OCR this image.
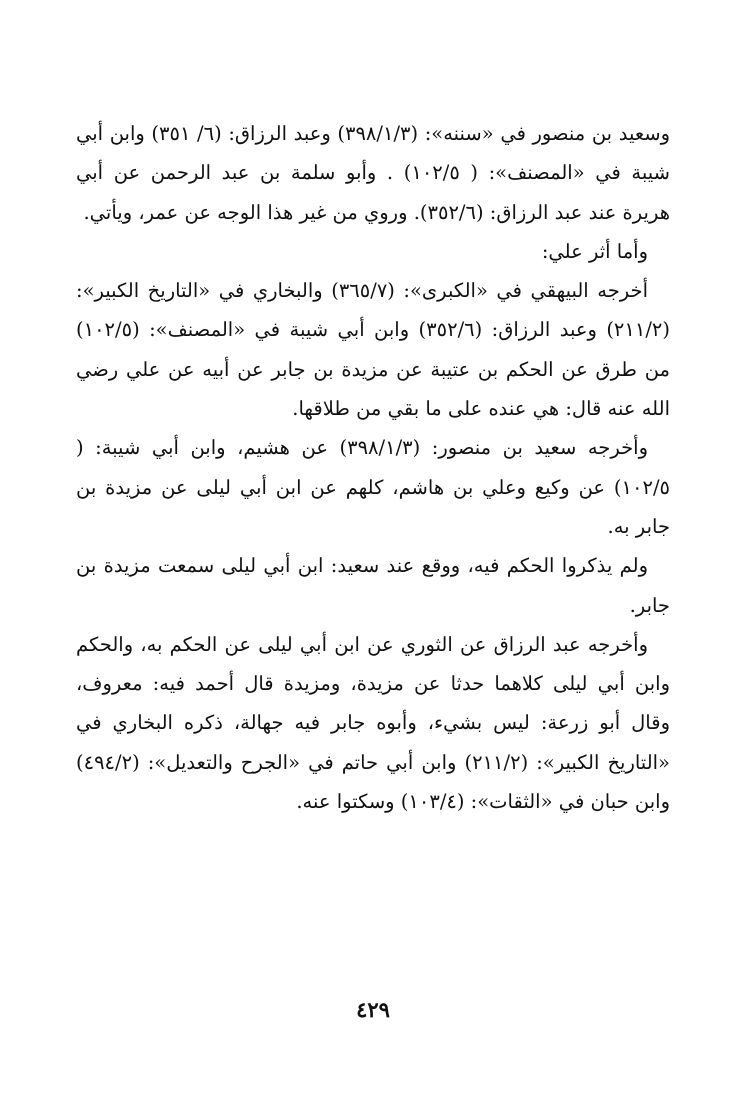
وسعيد بن منصور في «سننه»: (٣٩٨/١/٣) وعبد الرزاق: (٦/ ٣٥١) وابن أبي شيبة في «المصنف»: ( ١٠٢/٥) . وأبو سلمة بن عبد الرحمن عن أبي هريرة عند عبد الرزاق: (٣٥٢/٦). وروي من غير هذا الوجه عن عمر، ويأتي.

وأما أثر علي:

أخرجه البيهقي في «الكبرى»: (٣٦٥/٧) والبخاري في «التاريخ الكبير»: (٢١١/٢) وعبد الرزاق: (٣٥٢/٦) وابن أبي شيبة في «المصنف»: (١٠٢/٥) من طرق عن الحكم بن عتيبة عن مزيدة بن جابر عن أبيه عن علي رضي الله عنه قال: هي عنده على ما بقي من طلاقها.

وأخرجه سعيد بن منصور: (٣٩٨/١/٣) عن هشيم، وابن أبي شيبة: ( ١٠٢/٥) عن وكيع وعلي بن هاشم، كلهم عن ابن أبي ليلى عن مزيدة بن جابر به.

ولم يذكروا الحكم فيه، ووقع عند سعيد: ابن أبي ليلى سمعت مزيدة بن جابر.

وأخرجه عبد الرزاق عن الثوري عن ابن أبي ليلى عن الحكم به، والحكم وابن أبي ليلى كلاهما حدثا عن مزيدة، ومزيدة قال أحمد فيه: معروف، وقال أبو زرعة: ليس بشيء، وأبوه جابر فيه جهالة، ذكره البخاري في «التاريخ الكبير»: (٢١١/٢) وابن أبي حاتم في «الجرح والتعديل»: (٤٩٤/٢) وابن حبان في «الثقات»: (١٠٣/٤) وسكتوا عنه.

٤٢٩
